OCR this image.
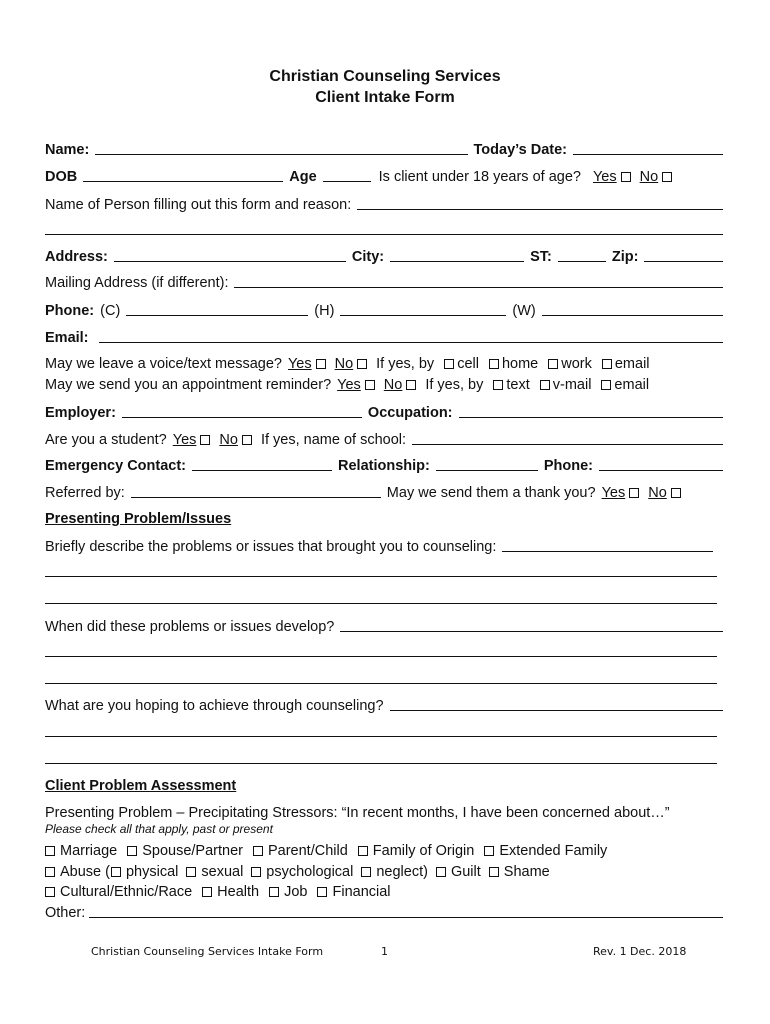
Christian Counseling Services
Client Intake Form
Name:	Today’s Date:
DOB	Age	Is client under 18 years of age? Yes No
Name of Person filling out this form and reason:
Address:	City:	ST:	Zip:
Mailing Address (if different):
Phone: (C)	(H)	(W)
Email:
May we leave a voice/text message? Yes No If yes, by cell home work email
May we send you an appointment reminder? Yes No If yes, by text v-mail email
Employer:	Occupation:
Are you a student? Yes No If yes, name of school:
Emergency Contact:	Relationship:	Phone:
Referred by:	May we send them a thank you? Yes No
Presenting Problem/Issues
Briefly describe the problems or issues that brought you to counseling:
When did these problems or issues develop?
What are you hoping to achieve through counseling?
Client Problem Assessment
Presenting Problem – Precipitating Stressors: “In recent months, I have been concerned about…”
Please check all that apply, past or present
Marriage Spouse/Partner Parent/Child Family of Origin Extended Family
Abuse ( physical sexual psychological neglect) Guilt Shame
Cultural/Ethnic/Race Health Job Financial
Other:
Christian Counseling Services Intake Form	1	Rev. 1 Dec. 2018
